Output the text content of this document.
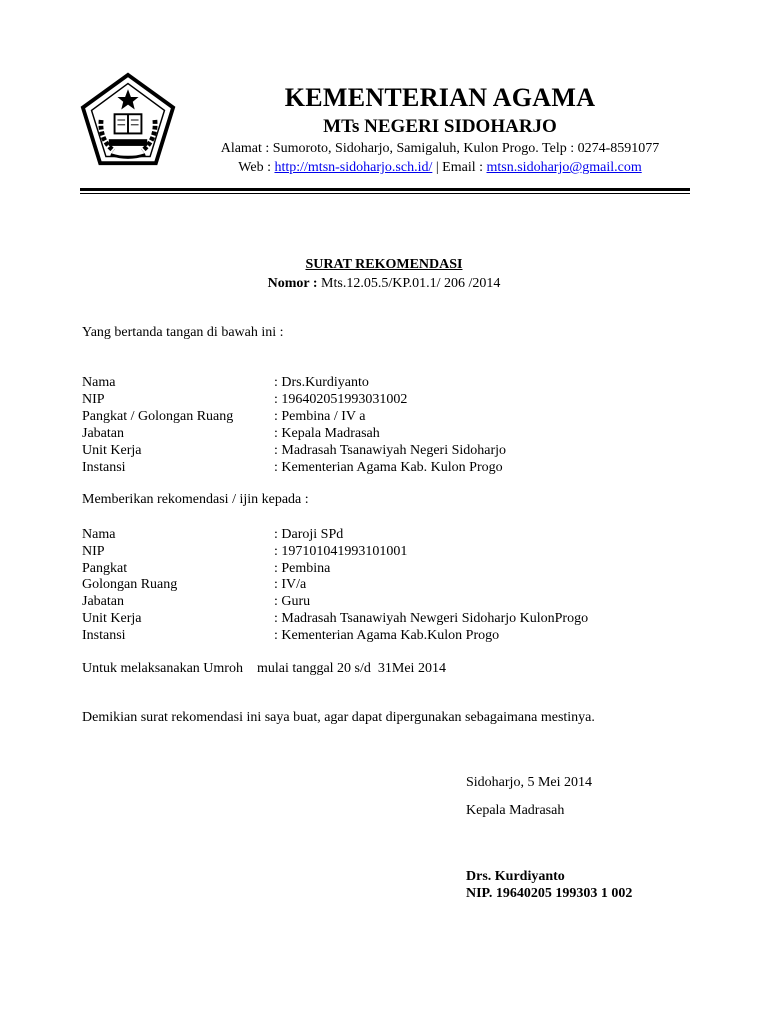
KEMENTERIAN AGAMA
MTs NEGERI SIDOHARJO
Alamat : Sumoroto, Sidoharjo, Samigaluh, Kulon Progo. Telp : 0274-8591077
Web : http://mtsn-sidoharjo.sch.id/ | Email : mtsn.sidoharjo@gmail.com
SURAT REKOMENDASI
Nomor : Mts.12.05.5/KP.01.1/ 206 /2014
Yang bertanda tangan di bawah ini :
Nama	: Drs.Kurdiyanto
NIP	: 196402051993031002
Pangkat / Golongan Ruang	: Pembina / IV a
Jabatan	: Kepala Madrasah
Unit Kerja	: Madrasah Tsanawiyah Negeri Sidoharjo
Instansi	: Kementerian Agama Kab. Kulon Progo
Memberikan rekomendasi / ijin kepada :
Nama	: Daroji SPd
NIP	: 197101041993101001
Pangkat	: Pembina
Golongan Ruang	: IV/a
Jabatan	: Guru
Unit Kerja	: Madrasah Tsanawiyah Newgeri Sidoharjo KulonProgo
Instansi	: Kementerian Agama Kab.Kulon Progo
Untuk melaksanakan Umroh    mulai tanggal 20 s/d  31Mei 2014
Demikian surat rekomendasi ini saya buat, agar dapat dipergunakan sebagaimana mestinya.
Sidoharjo, 5 Mei 2014
Kepala Madrasah
Drs. Kurdiyanto
NIP. 19640205 199303 1 002
